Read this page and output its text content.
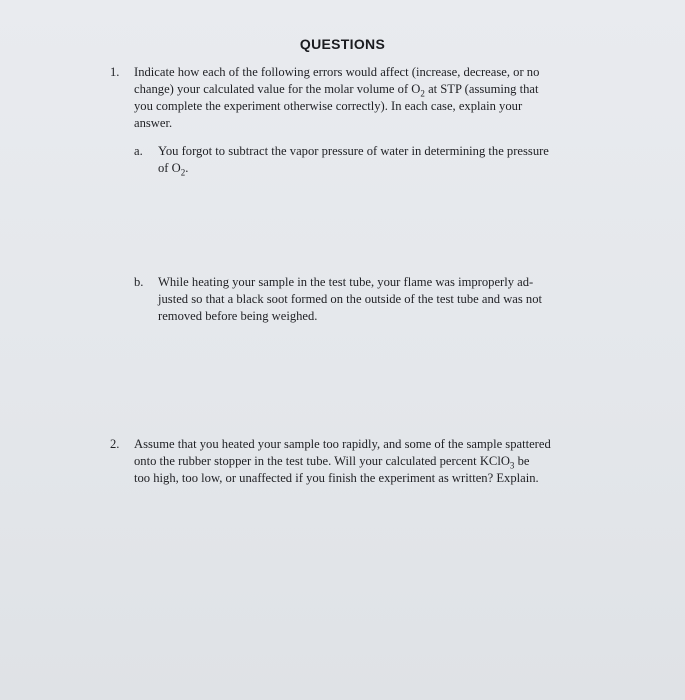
QUESTIONS
1. Indicate how each of the following errors would affect (increase, decrease, or no
change) your calculated value for the molar volume of $O_2$ at STP (assuming that
you complete the experiment otherwise correctly). In each case, explain your
answer.
a. You forgot to subtract the vapor pressure of water in determining the pressure
of $O_2$.
b. While heating your sample in the test tube, your flame was improperly ad-
justed so that a black soot formed on the outside of the test tube and was not
removed before being weighed.
2. Assume that you heated your sample too rapidly, and some of the sample spattered
onto the rubber stopper in the test tube. Will your calculated percent KClO$_3$ be
too high, too low, or unaffected if you finish the experiment as written? Explain.
